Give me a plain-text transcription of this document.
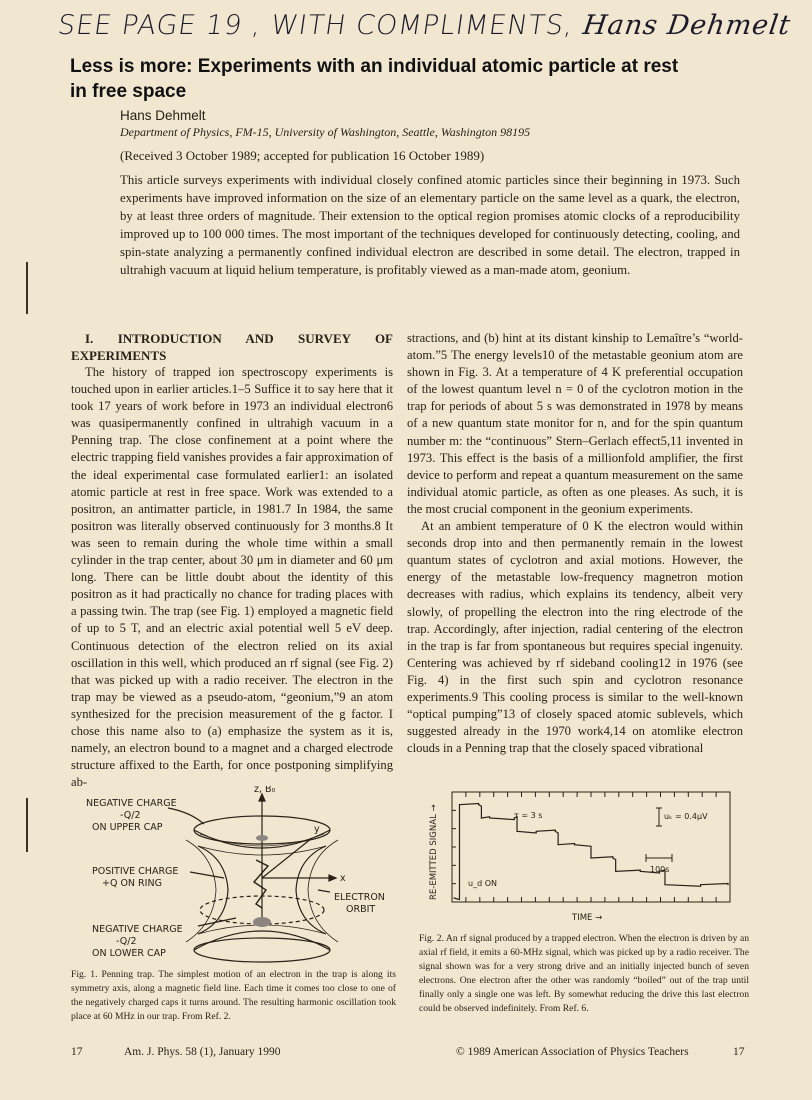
SEE PAGE 19 , WITH COMPLIMENTS, Hans Dehmelt
Less is more: Experiments with an individual atomic particle at rest in free space
Hans Dehmelt
Department of Physics, FM-15, University of Washington, Seattle, Washington 98195
(Received 3 October 1989; accepted for publication 16 October 1989)
This article surveys experiments with individual closely confined atomic particles since their beginning in 1973. Such experiments have improved information on the size of an elementary particle on the same level as a quark, the electron, by at least three orders of magnitude. Their extension to the optical region promises atomic clocks of a reproducibility improved up to 100 000 times. The most important of the techniques developed for continuously detecting, cooling, and spin-state analyzing a permanently confined individual electron are described in some detail. The electron, trapped in ultrahigh vacuum at liquid helium temperature, is profitably viewed as a man-made atom, geonium.

I. INTRODUCTION AND SURVEY OF EXPERIMENTS

The history of trapped ion spectroscopy experiments is touched upon in earlier articles.1–5 Suffice it to say here that it took 17 years of work before in 1973 an individual electron6 was quasipermanently confined in ultrahigh vacuum in a Penning trap. The close confinement at a point where the electric trapping field vanishes provides a fair approximation of the ideal experimental case formulated earlier1: an isolated atomic particle at rest in free space. Work was extended to a positron, an antimatter particle, in 1981.7 In 1984, the same positron was literally observed continuously for 3 months.8 It was seen to remain during the whole time within a small cylinder in the trap center, about 30 μm in diameter and 60 μm long. There can be little doubt about the identity of this positron as it had practically no chance for trading places with a passing twin. The trap (see Fig. 1) employed a magnetic field of up to 5 T, and an electric axial potential well 5 eV deep. Continuous detection of the electron relied on its axial oscillation in this well, which produced an rf signal (see Fig. 2) that was picked up with a radio receiver. The electron in the trap may be viewed as a pseudo-atom, “geonium,”9 an atom synthesized for the precision measurement of the g factor. I chose this name also to (a) emphasize the system as it is, namely, an electron bound to a magnet and a charged electrode structure affixed to the Earth, for once postponing simplifying ab-

stractions, and (b) hint at its distant kinship to Lemaître’s “world-atom.”5 The energy levels10 of the metastable geonium atom are shown in Fig. 3. At a temperature of 4 K preferential occupation of the lowest quantum level n = 0 of the cyclotron motion in the trap for periods of about 5 s was demonstrated in 1978 by means of a new quantum state monitor for n, and for the spin quantum number m: the “continuous” Stern–Gerlach effect5,11 invented in 1973. This effect is the basis of a millionfold amplifier, the first device to perform and repeat a quantum measurement on the same individual atomic particle, as often as one pleases. As such, it is the most crucial component in the geonium experiments.

At an ambient temperature of 0 K the electron would within seconds drop into and then permanently remain in the lowest quantum states of cyclotron and axial motions. However, the energy of the metastable low-frequency magnetron motion decreases with radius, which explains its tendency, albeit very slowly, of propelling the electron into the ring electrode of the trap. Accordingly, after injection, radial centering of the electron in the trap is far from spontaneous but requires special ingenuity. Centering was achieved by rf sideband cooling12 in 1976 (see Fig. 4) in the first such spin and cyclotron resonance experiments.9 This cooling process is similar to the well-known “optical pumping”13 of closely spaced atomic sublevels, which suggested already in the 1970 work4,14 on atomlike electron clouds in a Penning trap that the closely spaced vibrational

NEGATIVE CHARGE
-Q/2
ON UPPER CAP
POSITIVE CHARGE
+Q ON RING
ELECTRON
ORBIT
NEGATIVE CHARGE
-Q/2
ON LOWER CAP
z, B₀
y
x
Fig. 1. Penning trap. The simplest motion of an electron in the trap is along its symmetry axis, along a magnetic field line. Each time it comes too close to one of the negatively charged caps it turns around. The resulting harmonic oscillation took place at 60 MHz in our trap. From Ref. 2.
RE-EMITTED SIGNAL →
TIME →
τ = 3 s	uₖ = 0.4μV
100s
u_d ON
Fig. 2. An rf signal produced by a trapped electron. When the electron is driven by an axial rf field, it emits a 60-MHz signal, which was picked up by a radio receiver. The signal shown was for a very strong drive and an initially injected bunch of seven electrons. One electron after the other was randomly “boiled” out of the trap until finally only a single one was left. By somewhat reducing the drive this last electron could be observed indefinitely. From Ref. 6.
17	Am. J. Phys. 58 (1), January 1990	© 1989 American Association of Physics Teachers	17
